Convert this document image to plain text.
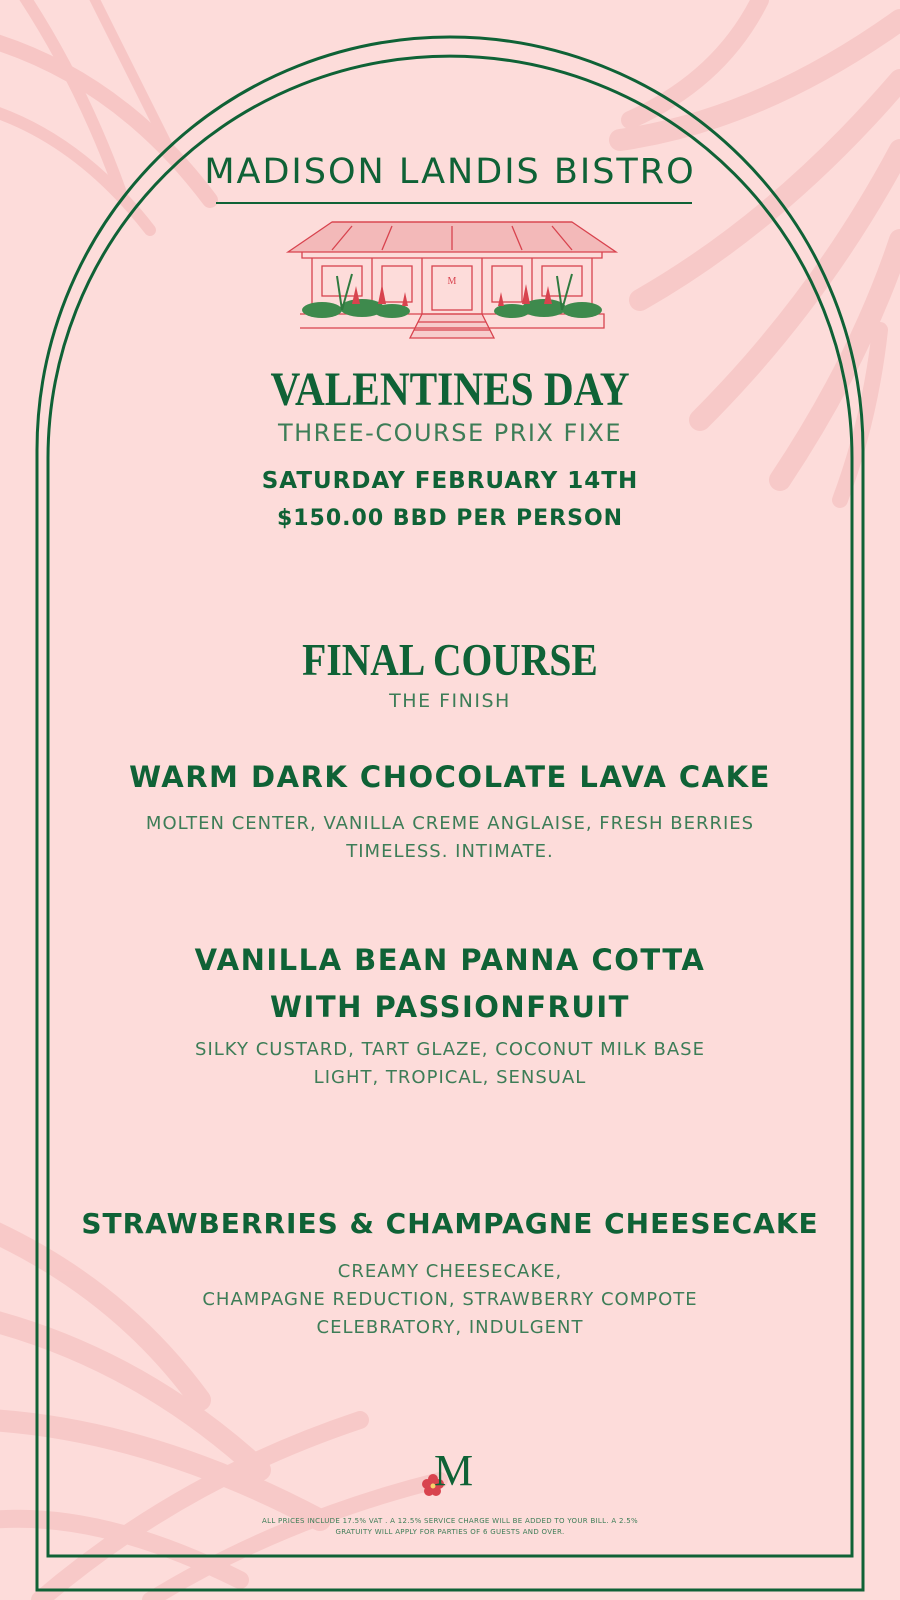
MADISON LANDIS BISTRO
M
VALENTINES DAY
THREE-COURSE PRIX FIXE
SATURDAY FEBRUARY 14TH
$150.00 BBD PER PERSON
FINAL COURSE
THE FINISH
WARM DARK CHOCOLATE LAVA CAKE
MOLTEN CENTER, VANILLA CREME ANGLAISE, FRESH BERRIES
TIMELESS. INTIMATE.
VANILLA BEAN PANNA COTTA
WITH PASSIONFRUIT
SILKY CUSTARD, TART GLAZE, COCONUT MILK BASE
LIGHT, TROPICAL, SENSUAL
STRAWBERRIES & CHAMPAGNE CHEESECAKE
CREAMY CHEESECAKE,
CHAMPAGNE REDUCTION, STRAWBERRY COMPOTE
CELEBRATORY, INDULGENT
M
ALL PRICES INCLUDE 17.5% VAT . A 12.5% SERVICE CHARGE WILL BE ADDED TO YOUR BILL. A 2.5%
GRATUITY WILL APPLY FOR PARTIES OF 6 GUESTS AND OVER.
